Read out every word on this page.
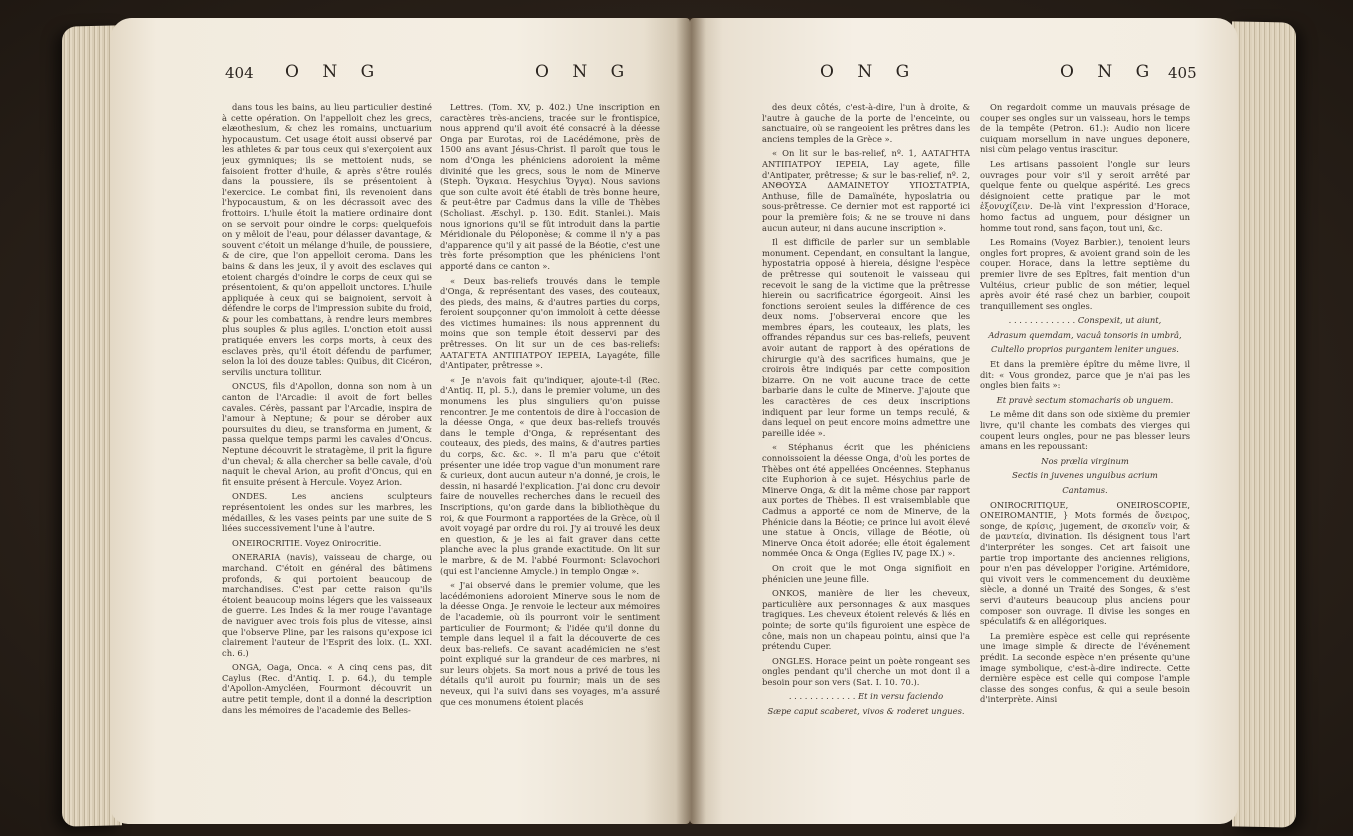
404 O N G	O N G

dans tous les bains, au lieu particulier destiné à cette opération. On l'appelloit chez les grecs, elæothesium, & chez les romains, unctuarium hypocaustum. Cet usage étoit aussi observé par les athletes & par tous ceux qui s'exerçoient aux jeux gymniques; ils se mettoient nuds, se faisoient frotter d'huile, & après s'être roulés dans la poussiere, ils se présentoient à l'exercice. Le combat fini, ils revenoient dans l'hypocaustum, & on les décrassoit avec des frottoirs. L'huile étoit la matiere ordinaire dont on se servoit pour oindre le corps: quelquefois on y mêloit de l'eau, pour délasser davantage, & souvent c'étoit un mélange d'huile, de poussiere, & de cire, que l'on appelloit ceroma. Dans les bains & dans les jeux, il y avoit des esclaves qui etoient chargés d'oindre le corps de ceux qui se présentoient, & qu'on appelloit unctores. L'huile appliquée à ceux qui se baignoient, servoit à défendre le corps de l'impression subite du froid, & pour les combattans, à rendre leurs membres plus souples & plus agiles. L'onction etoit aussi pratiquée envers les corps morts, à ceux des esclaves près, qu'il étoit défendu de parfumer, selon la loi des douze tables: Quibus, dit Cicéron, servilis unctura tollitur.

ONCUS, fils d'Apollon, donna son nom à un canton de l'Arcadie: il avoit de fort belles cavales. Cérès, passant par l'Arcadie, inspira de l'amour à Neptune; & pour se dérober aux poursuites du dieu, se transforma en jument, & passa quelque temps parmi les cavales d'Oncus. Neptune découvrit le stratagème, il prit la figure d'un cheval; & alla chercher sa belle cavale, d'où naquit le cheval Arion, au profit d'Oncus, qui en fit ensuite présent à Hercule. Voyez Arion.

ONDES. Les anciens sculpteurs représentoient les ondes sur les marbres, les médailles, & les vases peints par une suite de S liées successivement l'une à l'autre.

ONEIROCRITIE. Voyez Onirocritie.

ONERARIA (navis), vaisseau de charge, ou marchand. C'étoit en général des bâtimens profonds, & qui portoient beaucoup de marchandises. C'est par cette raison qu'ils étoient beaucoup moins légers que les vaisseaux de guerre. Les Indes & la mer rouge l'avantage de naviguer avec trois fois plus de vitesse, ainsi que l'observe Pline, par les raisons qu'expose ici clairement l'auteur de l'Esprit des loix. (L. XXI. ch. 6.)

ONGA, Oaga, Onca. « A cinq cens pas, dit Caylus (Rec. d'Antiq. I. p. 64.), du temple d'Apollon-Amycléen, Fourmont découvrit un autre petit temple, dont il a donné la description dans les mémoires de l'academie des Belles-

Lettres. (Tom. XV, p. 402.) Une inscription en caractères très-anciens, tracée sur le frontispice, nous apprend qu'il avoit été consacré à la déesse Onga par Eurotas, roi de Lacédémone, près de 1500 ans avant Jésus-Christ. Il paroît que tous le nom d'Onga les phéniciens adoroient la même divinité que les grecs, sous le nom de Minerve (Steph. Ὄγκαια. Hesychius Ὄγγα). Nous savions que son culte avoit été établi de très bonne heure, & peut-être par Cadmus dans la ville de Thèbes (Scholiast. Æschyl. p. 130. Edit. Stanlei.). Mais nous ignorions qu'il se fût introduit dans la partie Méridionale du Péloponèse; & comme il n'y a pas d'apparence qu'il y ait passé de la Béotie, c'est une très forte présomption que les phéniciens l'ont apporté dans ce canton ».

« Deux bas-reliefs trouvés dans le temple d'Onga, & représentant des vases, des couteaux, des pieds, des mains, & d'autres parties du corps, feroient soupçonner qu'on immoloit à cette déesse des victimes humaines: ils nous apprennent du moins que son temple étoit desservi par des prêtresses. On lit sur un de ces bas-reliefs: ΑΑΤΑΓΕΤΑ ΑΝΤΙΠΑΤΡΟΥ ΙΕΡΕΙΑ, Laγagéte, fille d'Antipater, prêtresse ».

« Je n'avois fait qu'indiquer, ajoute-t-il (Rec. d'Antiq. II, pl. 5.), dans le premier volume, un des monumens les plus singuliers qu'on puisse rencontrer. Je me contentois de dire à l'occasion de la déesse Onga, « que deux bas-reliefs trouvés dans le temple d'Onga, & représentant des couteaux, des pieds, des mains, & d'autres parties du corps, &c. &c. ». Il m'a paru que c'étoit présenter une idée trop vague d'un monument rare & curieux, dont aucun auteur n'a donné, je crois, le dessin, ni hasardé l'explication. J'ai donc cru devoir faire de nouvelles recherches dans le recueil des Inscriptions, qu'on garde dans la bibliothèque du roi, & que Fourmont a rapportées de la Grèce, où il avoit voyagé par ordre du roi. J'y ai trouvé les deux en question, & je les ai fait graver dans cette planche avec la plus grande exactitude. On lit sur le marbre, & de M. l'abbé Fourmont: Sclavochori (qui est l'ancienne Amycle.) in templo Ongæ ».

« J'ai observé dans le premier volume, que les lacédémoniens adoroient Minerve sous le nom de la déesse Onga. Je renvoie le lecteur aux mémoires de l'academie, où ils pourront voir le sentiment particulier de Fourmont; & l'idée qu'il donne du temple dans lequel il a fait la découverte de ces deux bas-reliefs. Ce savant académicien ne s'est point expliqué sur la grandeur de ces marbres, ni sur leurs objets. Sa mort nous a privé de tous les détails qu'il auroit pu fournir; mais un de ses neveux, qui l'a suivi dans ses voyages, m'a assuré que ces monumens étoient placés

O N G	O N G 405

des deux côtés, c'est-à-dire, l'un à droite, & l'autre à gauche de la porte de l'enceinte, ou sanctuaire, où se rangeoient les prêtres dans les anciens temples de la Grèce ».

« On lit sur le bas-relief, nº. 1, ΑΑΤΑΓΗΤΑ ΑΝΤΙΠΑΤΡΟΥ ΙΕΡΕΙΑ, Lay agete, fille d'Antipater, prêtresse; & sur le bas-relief, nº. 2, ΑΝΘΟΥΣΑ ΔΑΜΑΙΝΕΤΟΥ ΥΠΟΣΤΑΤΡΙΑ, Anthuse, fille de Damaïnéte, hyposlatria ou sous-prêtresse. Ce dernier mot est rapporté ici pour la première fois; & ne se trouve ni dans aucun auteur, ni dans aucune inscription ».

Il est difficile de parler sur un semblable monument. Cependant, en consultant la langue, hypostatria opposé à hiereia, désigne l'espèce de prêtresse qui soutenoit le vaisseau qui recevoit le sang de la victime que la prêtresse hierein ou sacrificatrice égorgeoit. Ainsi les fonctions seroient seules la différence de ces deux noms. J'observerai encore que les membres épars, les couteaux, les plats, les offrandes répandus sur ces bas-reliefs, peuvent avoir autant de rapport à des opérations de chirurgie qu'à des sacrifices humains, que je croirois être indiqués par cette composition bizarre. On ne voit aucune trace de cette barbarie dans le culte de Minerve. J'ajoute que les caractères de ces deux inscriptions indiquent par leur forme un temps reculé, & dans lequel on peut encore moins admettre une pareille idée ».

« Stéphanus écrit que les phéniciens connoissoient la déesse Onga, d'où les portes de Thèbes ont été appellées Oncéennes. Stephanus cite Euphorion à ce sujet. Hésychius parle de Minerve Onga, & dit la même chose par rapport aux portes de Thèbes. Il est vraisemblable que Cadmus a apporté ce nom de Minerve, de la Phénicie dans la Béotie; ce prince lui avoit élevé une statue à Oncis, village de Béotie, où Minerve Onca étoit adorée; elle étoit également nommée Onca & Onga (Eglies IV, page IX.) ».

On croit que le mot Onga signifioit en phénicien une jeune fille.

ONKOS, manière de lier les cheveux, particulière aux personnages & aux masques tragiques. Les cheveux étoient relevés & liés en pointe; de sorte qu'ils figuroient une espèce de cône, mais non un chapeau pointu, ainsi que l'a prétendu Cuper.

ONGLES. Horace peint un poète rongeant ses ongles pendant qu'il cherche un mot dont il a besoin pour son vers (Sat. I. 10. 70.).

. . . . . . . . . . . . . Et in versu faciendo

Sæpe caput scaberet, vivos & roderet ungues.

On regardoit comme un mauvais présage de couper ses ongles sur un vaisseau, hors le temps de la tempête (Petron. 61.): Audio non licere cuiquam morsellum in nave ungues deponere, nisi cùm pelago ventus irascitur.

Les artisans passoient l'ongle sur leurs ouvrages pour voir s'il y seroit arrêté par quelque fente ou quelque aspérité. Les grecs désignoient cette pratique par le mot ἐξονυχίζειν. De-là vint l'expression d'Horace, homo factus ad unguem, pour désigner un homme tout rond, sans façon, tout uni, &c.

Les Romains (Voyez Barbier.), tenoient leurs ongles fort propres, & avoient grand soin de les couper. Horace, dans la lettre septième du premier livre de ses Epîtres, fait mention d'un Vultéius, crieur public de son métier, lequel après avoir été rasé chez un barbier, coupoit tranquillement ses ongles.

. . . . . . . . . . . . . Conspexit, ut aiunt,

Adrasum quemdam, vacuâ tonsoris in umbrâ,

Cultello proprios purgantem leniter ungues.

Et dans la première épître du même livre, il dit: « Vous grondez, parce que je n'ai pas les ongles bien faits »:

Et pravè sectum stomacharis ob unguem.

Le même dit dans son ode sixième du premier livre, qu'il chante les combats des vierges qui coupent leurs ongles, pour ne pas blesser leurs amans en les repoussant:

Nos prælia virginum

Sectis in juvenes unguibus acrium

Cantamus.

ONIROCRITIQUE, ONEIROSCOPIE, ONEIROMANTIE, } Mots formés de ὄνειρος, songe, de κρίσις, jugement, de σκοπεῖν voir, & de μαντεία, divination. Ils désignent tous l'art d'interpréter les songes. Cet art faisoit une partie trop importante des anciennes religions, pour n'en pas développer l'origine. Artémidore, qui vivoit vers le commencement du deuxième siècle, a donné un Traité des Songes, & s'est servi d'auteurs beaucoup plus anciens pour composer son ouvrage. Il divise les songes en spéculatifs & en allégoriques.

La première espèce est celle qui représente une image simple & directe de l'événement prédit. La seconde espèce n'en présente qu'une image symbolique, c'est-à-dire indirecte. Cette dernière espèce est celle qui compose l'ample classe des songes confus, & qui a seule besoin d'interprète. Ainsi
